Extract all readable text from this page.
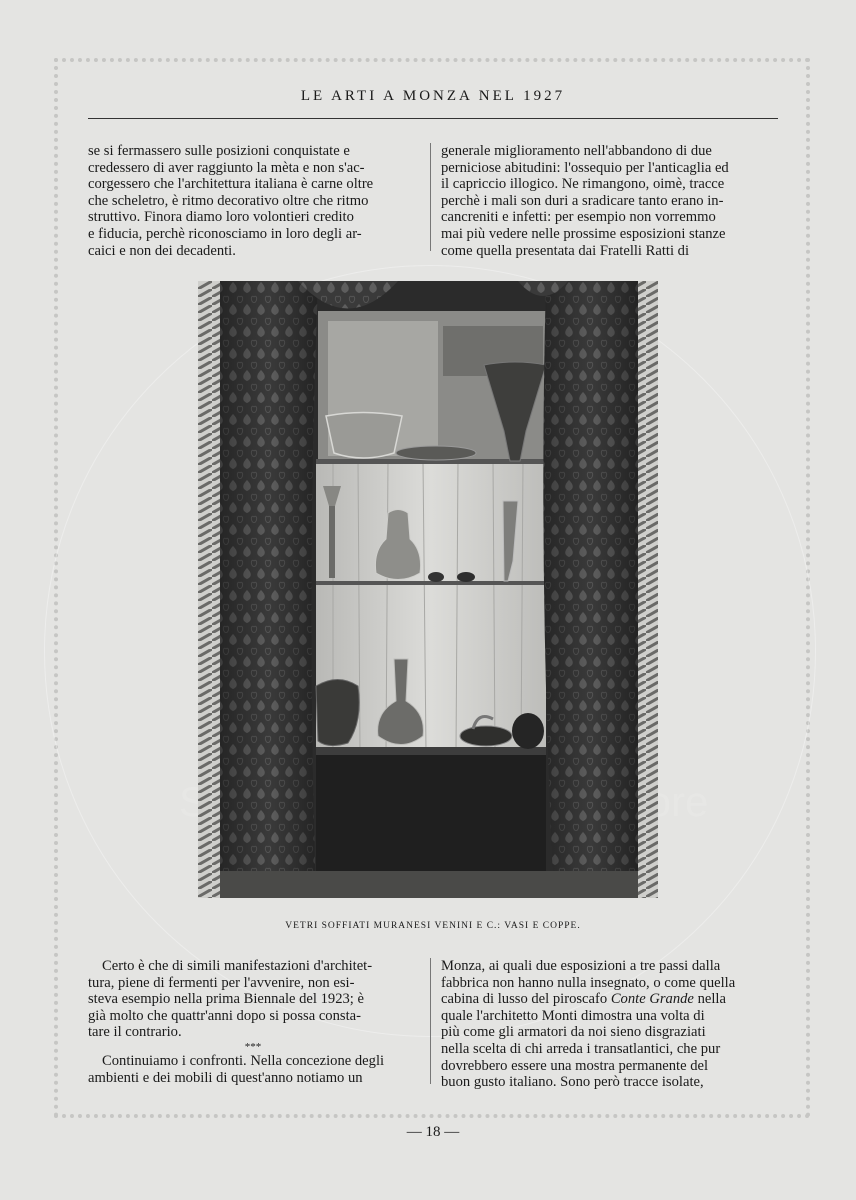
ore
LE ARTI A MONZA NEL 1927

se si fermassero sulle posizioni conquistate e

credessero di aver raggiunto la mèta e non s'ac-

corgessero che l'architettura italiana è carne oltre

che scheletro, è ritmo decorativo oltre che ritmo

struttivo. Finora diamo loro volontieri credito

e fiducia, perchè riconosciamo in loro degli ar-

caici e non dei decadenti.

generale miglioramento nell'abbandono di due

perniciose abitudini: l'ossequio per l'anticaglia ed

il capriccio illogico. Ne rimangono, oimè, tracce

perchè i mali son duri a sradicare tanto erano in-

cancreniti e infetti: per esempio non vorremmo

mai più vedere nelle prossime esposizioni stanze

come quella presentata dai Fratelli Ratti di

VETRI SOFFIATI MURANESI VENINI E C.: VASI E COPPE.

Certo è che di simili manifestazioni d'architet-

tura, piene di fermenti per l'avvenire, non esi-

steva esempio nella prima Biennale del 1923; è

già molto che quattr'anni dopo si possa consta-

tare il contrario.

***

Continuiamo i confronti. Nella concezione degli

ambienti e dei mobili di quest'anno notiamo un

Monza, ai quali due esposizioni a tre passi dalla

fabbrica non hanno nulla insegnato, o come quella

cabina di lusso del piroscafo Conte Grande nella

quale l'architetto Monti dimostra una volta di

più come gli armatori da noi sieno disgraziati

nella scelta di chi arreda i transatlantici, che pur

dovrebbero essere una mostra permanente del

buon gusto italiano. Sono però tracce isolate,

— 18 —
